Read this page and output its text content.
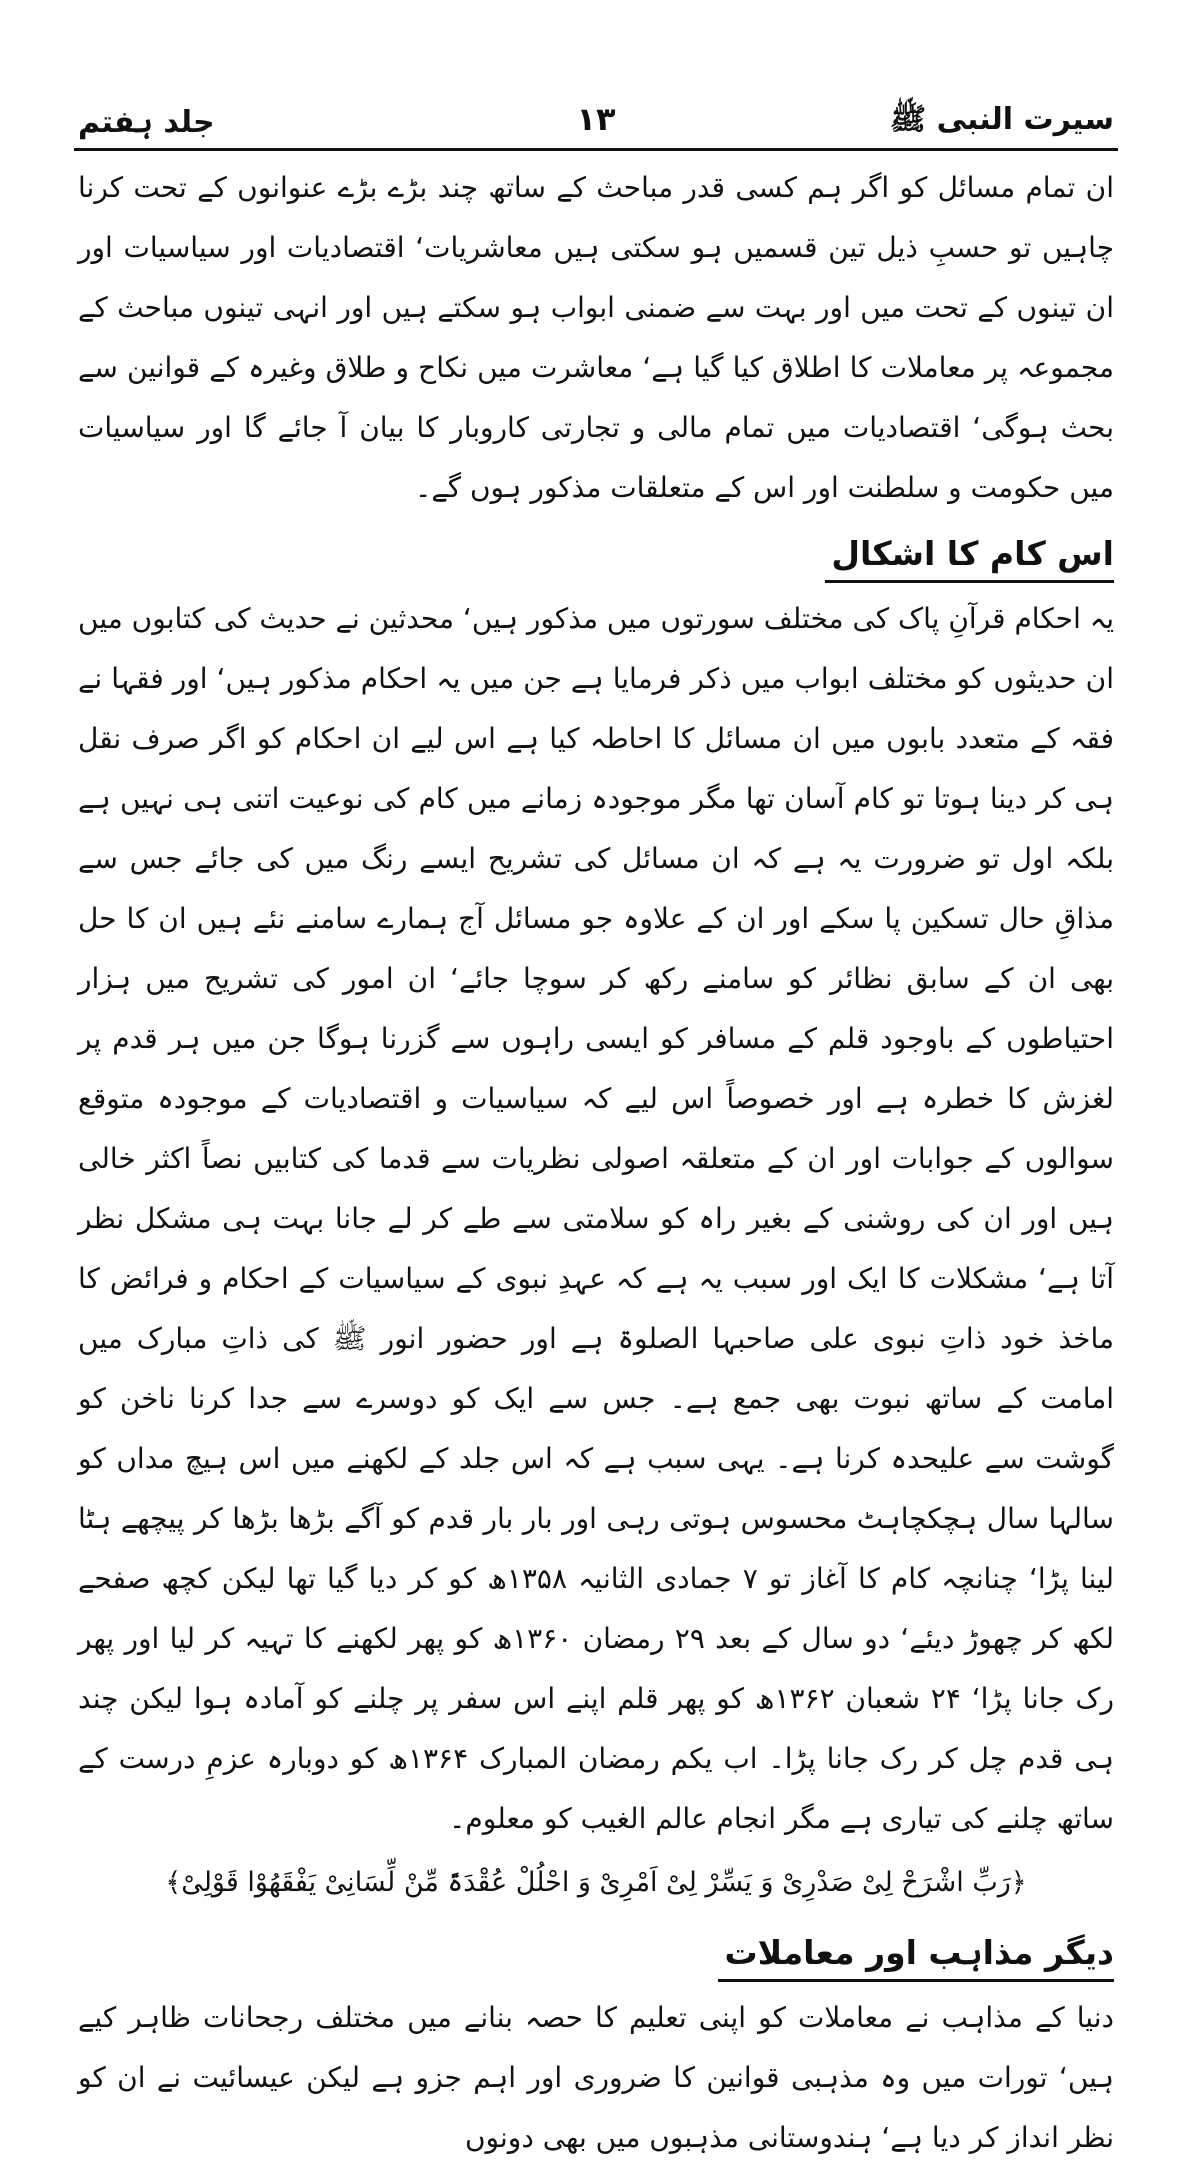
سیرت النبی ﷺ
۱۳
جلد ہفتم

ان تمام مسائل کو اگر ہم کسی قدر مباحث کے ساتھ چند بڑے بڑے عنوانوں کے تحت کرنا چاہیں تو حسبِ ذیل تین قسمیں ہو سکتی ہیں معاشریات‘ اقتصادیات اور سیاسیات اور ان تینوں کے تحت میں اور بہت سے ضمنی ابواب ہو سکتے ہیں اور انہی تینوں مباحث کے مجموعہ پر معاملات کا اطلاق کیا گیا ہے‘ معاشرت میں نکاح و طلاق وغیرہ کے قوانین سے بحث ہوگی‘ اقتصادیات میں تمام مالی و تجارتی کاروبار کا بیان آ جائے گا اور سیاسیات میں حکومت و سلطنت اور اس کے متعلقات مذکور ہوں گے۔

اس کام کا اشکال

یہ احکام قرآنِ پاک کی مختلف سورتوں میں مذکور ہیں‘ محدثین نے حدیث کی کتابوں میں ان حدیثوں کو مختلف ابواب میں ذکر فرمایا ہے جن میں یہ احکام مذکور ہیں‘ اور فقہا نے فقہ کے متعدد بابوں میں ان مسائل کا احاطہ کیا ہے اس لیے ان احکام کو اگر صرف نقل ہی کر دینا ہوتا تو کام آسان تھا مگر موجودہ زمانے میں کام کی نوعیت اتنی ہی نہیں ہے بلکہ اول تو ضرورت یہ ہے کہ ان مسائل کی تشریح ایسے رنگ میں کی جائے جس سے مذاقِ حال تسکین پا سکے اور ان کے علاوہ جو مسائل آج ہمارے سامنے نئے ہیں ان کا حل بھی ان کے سابق نظائر کو سامنے رکھ کر سوچا جائے‘ ان امور کی تشریح میں ہزار احتیاطوں کے باوجود قلم کے مسافر کو ایسی راہوں سے گزرنا ہوگا جن میں ہر قدم پر لغزش کا خطرہ ہے اور خصوصاً اس لیے کہ سیاسیات و اقتصادیات کے موجودہ متوقع سوالوں کے جوابات اور ان کے متعلقہ اصولی نظریات سے قدما کی کتابیں نصاً اکثر خالی ہیں اور ان کی روشنی کے بغیر راہ کو سلامتی سے طے کر لے جانا بہت ہی مشکل نظر آتا ہے‘ مشکلات کا ایک اور سبب یہ ہے کہ عہدِ نبوی کے سیاسیات کے احکام و فرائض کا ماخذ خود ذاتِ نبوی علی صاحبہا الصلوۃ ہے اور حضور انور ﷺ کی ذاتِ مبارک میں امامت کے ساتھ نبوت بھی جمع ہے۔ جس سے ایک کو دوسرے سے جدا کرنا ناخن کو گوشت سے علیحدہ کرنا ہے۔ یہی سبب ہے کہ اس جلد کے لکھنے میں اس ہیچ مداں کو سالہا سال ہچکچاہٹ محسوس ہوتی رہی اور بار بار قدم کو آگے بڑھا بڑھا کر پیچھے ہٹا لینا پڑا‘ چنانچہ کام کا آغاز تو ۷ جمادی الثانیہ ۱۳۵۸ھ کو کر دیا گیا تھا لیکن کچھ صفحے لکھ کر چھوڑ دیئے‘ دو سال کے بعد ۲۹ رمضان ۱۳۶۰ھ کو پھر لکھنے کا تہیہ کر لیا اور پھر رک جانا پڑا‘ ۲۴ شعبان ۱۳۶۲ھ کو پھر قلم اپنے اس سفر پر چلنے کو آمادہ ہوا لیکن چند ہی قدم چل کر رک جانا پڑا۔ اب یکم رمضان المبارک ۱۳۶۴ھ کو دوبارہ عزمِ درست کے ساتھ چلنے کی تیاری ہے مگر انجام عالم الغیب کو معلوم۔

﴿رَبِّ اشْرَحْ لِیْ صَدْرِیْ وَ یَسِّرْ لِیْ اَمْرِیْ وَ احْلُلْ عُقْدَۃً مِّنْ لِّسَانِیْ یَفْقَھُوْا قَوْلِیْ﴾
دیگر مذاہب اور معاملات

دنیا کے مذاہب نے معاملات کو اپنی تعلیم کا حصہ بنانے میں مختلف رجحانات ظاہر کیے ہیں‘ تورات میں وہ مذہبی قوانین کا ضروری اور اہم جزو ہے لیکن عیسائیت نے ان کو نظر انداز کر دیا ہے‘ ہندوستانی مذہبوں میں بھی دونوں
